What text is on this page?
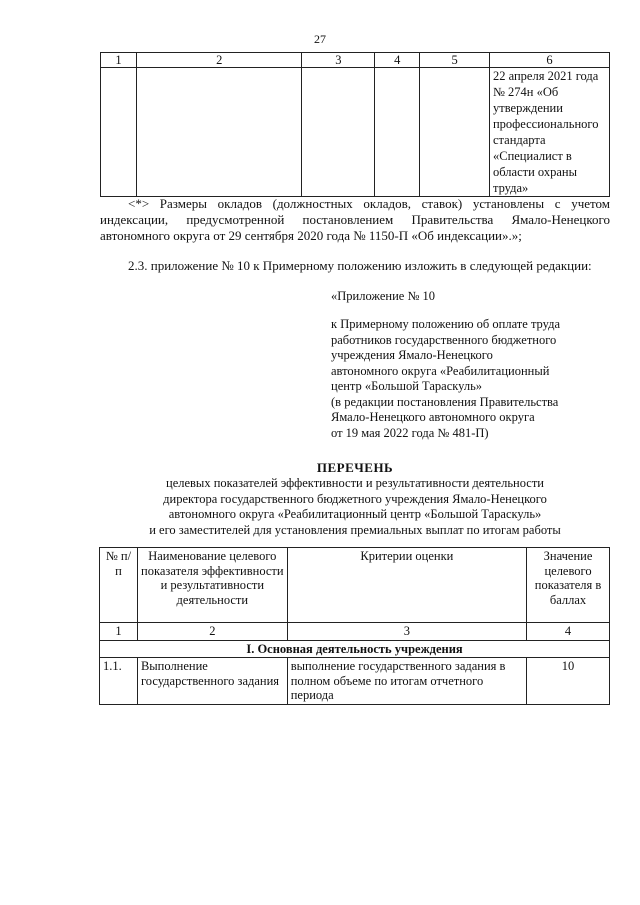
27
1	2	3	4	5	6
					22 апреля 2021 года № 274н «Об утверждении профессионального стандарта «Специалист в области охраны труда»
<*> Размеры окладов (должностных окладов, ставок) установлены с учетом индексации, предусмотренной постановлением Правительства Ямало-Ненецкого автономного округа от 29 сентября 2020 года № 1150-П «Об индексации».»;
2.3. приложение № 10 к Примерному положению изложить в следующей редакции:
«Приложение № 10
к Примерному положению об оплате труда
работников государственного бюджетного
учреждения Ямало-Ненецкого
автономного округа «Реабилитационный
центр «Большой Тараскуль»
(в редакции постановления Правительства
Ямало-Ненецкого автономного округа
от 19 мая 2022 года № 481-П)
ПЕРЕЧЕНЬ
целевых показателей эффективности и результативности деятельности
директора государственного бюджетного учреждения Ямало-Ненецкого
автономного округа «Реабилитационный центр «Большой Тараскуль»
и его заместителей для установления премиальных выплат по итогам работы
№ п/п	Наименование целевого показателя эффективности и результативности деятельности	Критерии оценки	Значение целевого показателя в баллах
1	2	3	4
I. Основная деятельность учреждения			
1.1.	Выполнение государственного задания	выполнение государственного задания в полном объеме по итогам отчетного периода	10
